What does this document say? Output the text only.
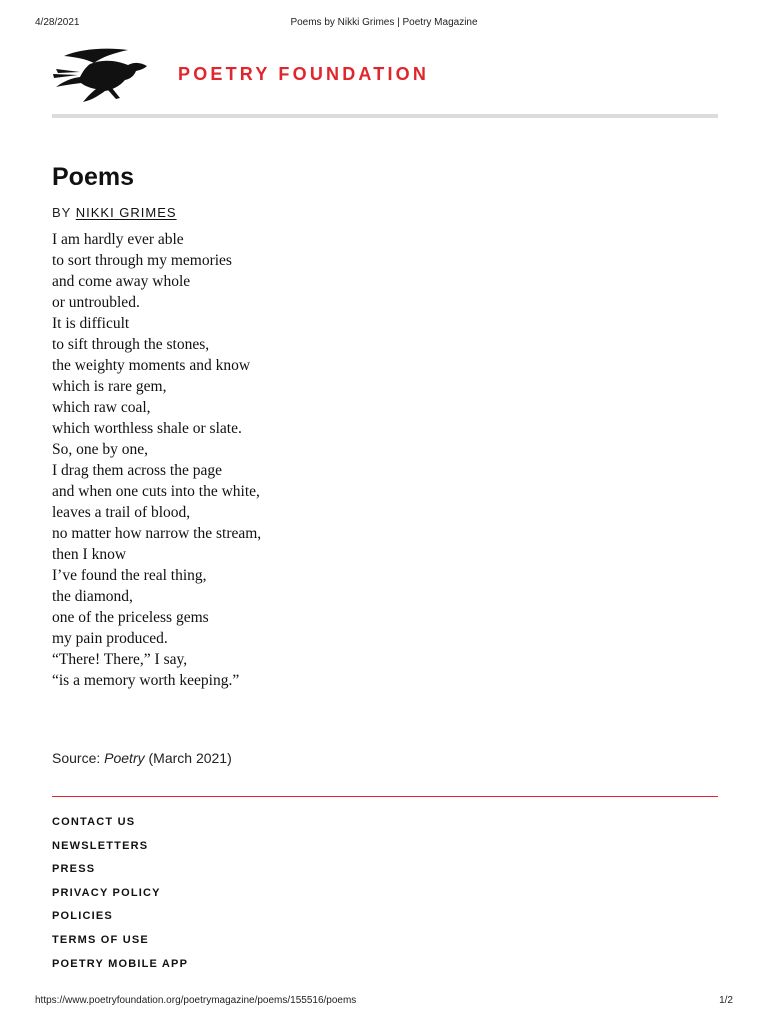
4/28/2021	Poems by Nikki Grimes | Poetry Magazine
POETRY FOUNDATION
Poems
BY NIKKI GRIMES
I am hardly ever able
to sort through my memories
and come away whole
or untroubled.
It is difficult
to sift through the stones,
the weighty moments and know
which is rare gem,
which raw coal,
which worthless shale or slate.
So, one by one,
I drag them across the page
and when one cuts into the white,
leaves a trail of blood,
no matter how narrow the stream,
then I know
I’ve found the real thing,
the diamond,
one of the priceless gems
my pain produced.
“There! There,” I say,
“is a memory worth keeping.”
Source: Poetry (March 2021)
CONTACT US
NEWSLETTERS
PRESS
PRIVACY POLICY
POLICIES
TERMS OF USE
POETRY MOBILE APP
https://www.poetryfoundation.org/poetrymagazine/poems/155516/poems	1/2
